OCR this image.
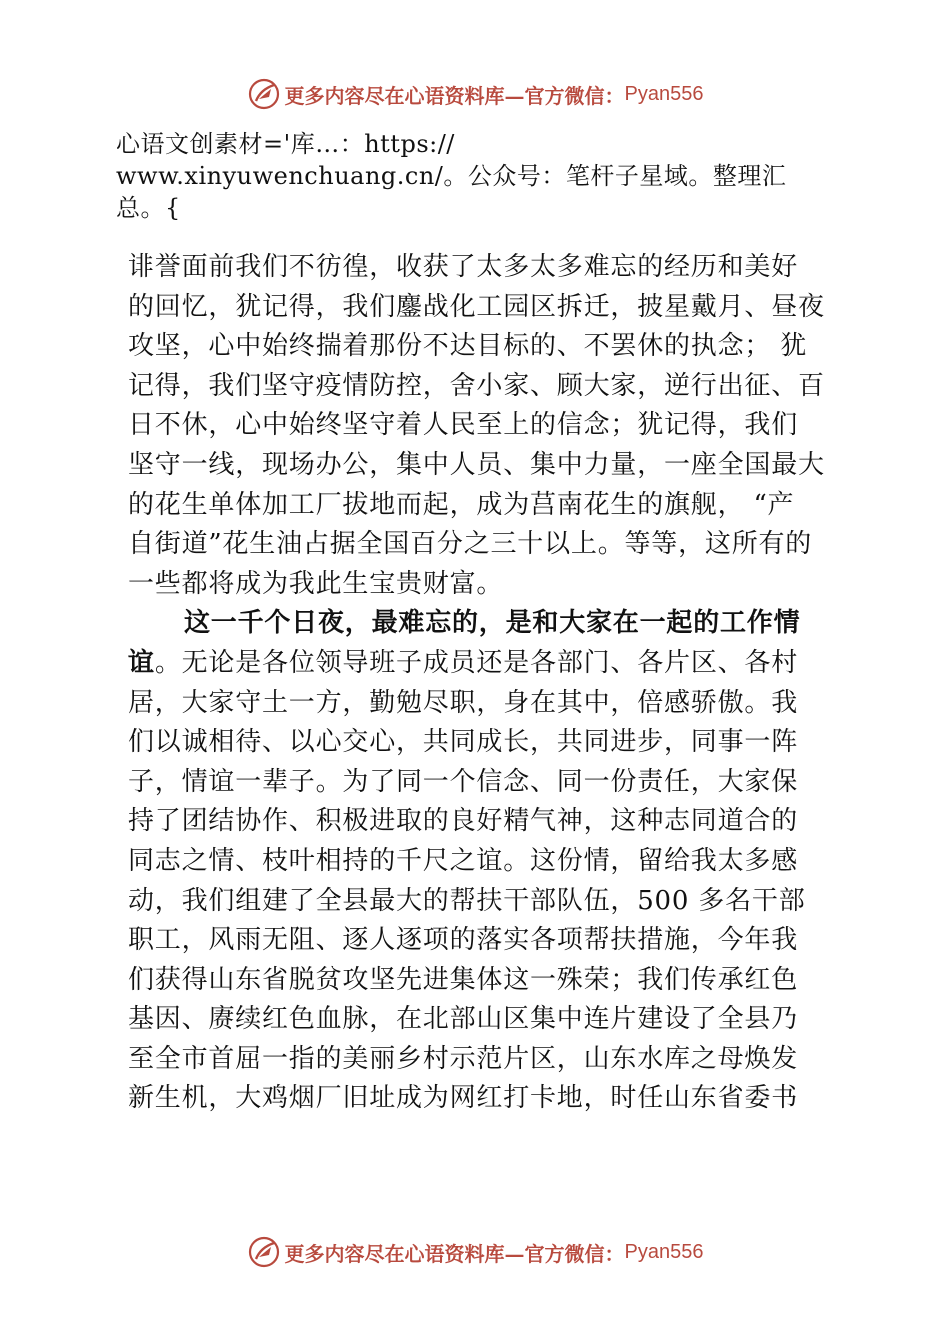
更多内容尽在心语资料库—官方微信： Pyan556
心语文创素材='库…：https://
www.xinyuwenchuang.cn/。公众号：笔杆子星域。整理汇
总。{
诽誉面前我们不彷徨，收获了太多太多难忘的经历和美好
的回忆，犹记得，我们鏖战化工园区拆迁，披星戴月、昼夜
攻坚，心中始终揣着那份不达目标的、不罢休的执念； 犹
记得，我们坚守疫情防控，舍小家、顾大家，逆行出征、百
日不休，心中始终坚守着人民至上的信念；犹记得，我们
坚守一线，现场办公，集中人员、集中力量，一座全国最大
的花生单体加工厂拔地而起，成为莒南花生的旗舰， “产
自街道”花生油占据全国百分之三十以上。等等，这所有的
一些都将成为我此生宝贵财富。
这一千个日夜，最难忘的，是和大家在一起的工作情
谊。无论是各位领导班子成员还是各部门、各片区、各村
居，大家守土一方，勤勉尽职，身在其中，倍感骄傲。我
们以诚相待、以心交心，共同成长，共同进步，同事一阵
子，情谊一辈子。为了同一个信念、同一份责任，大家保
持了团结协作、积极进取的良好精气神，这种志同道合的
同志之情、枝叶相持的千尺之谊。这份情，留给我太多感
动，我们组建了全县最大的帮扶干部队伍，500 多名干部
职工，风雨无阻、逐人逐项的落实各项帮扶措施，今年我
们获得山东省脱贫攻坚先进集体这一殊荣；我们传承红色
基因、赓续红色血脉，在北部山区集中连片建设了全县乃
至全市首屈一指的美丽乡村示范片区，山东水库之母焕发
新生机，大鸡烟厂旧址成为网红打卡地，时任山东省委书
更多内容尽在心语资料库—官方微信： Pyan556
